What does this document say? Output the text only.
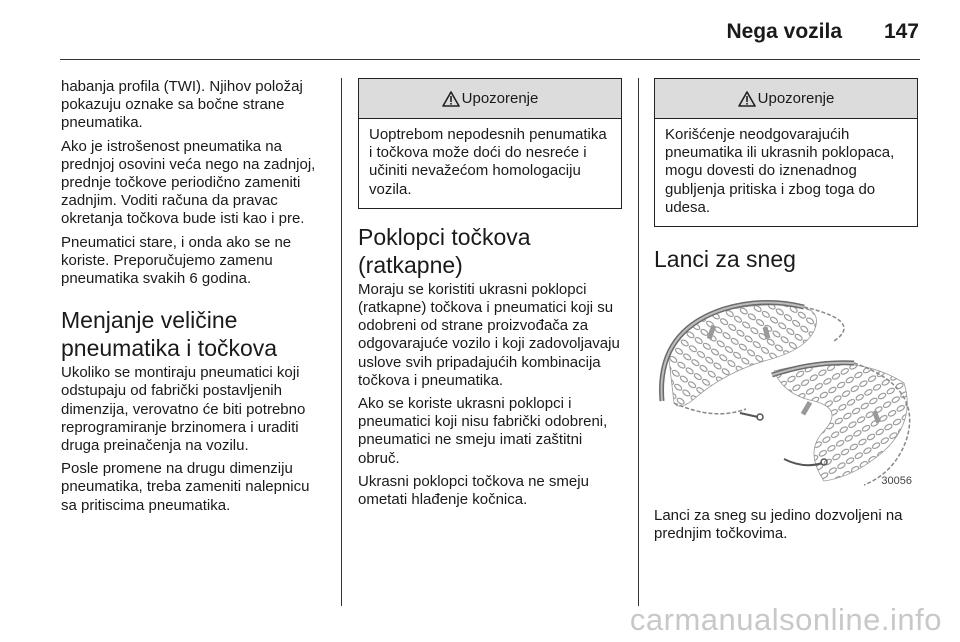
Nega vozila 147

habanja profila (TWI). Njihov položaj pokazuju oznake sa bočne strane pneumatika.

Ako je istrošenost pneumatika na prednjoj osovini veća nego na zadnjoj, prednje točkove periodično zameniti zadnjim. Voditi računa da pravac okretanja točkova bude isti kao i pre.

Pneumatici stare, i onda ako se ne koriste. Preporučujemo zamenu pneumatika svakih 6 godina.

Menjanje veličine pneumatika i točkova

Ukoliko se montiraju pneumatici koji odstupaju od fabrički postavljenih dimenzija, verovatno će biti potrebno reprogramiranje brzinomera i uraditi druga preinačenja na vozilu.

Posle promene na drugu dimenziju pneumatika, treba zameniti nalepnicu sa pritiscima pneumatika.

Upozorenje
Uoptrebom nepodesnih penumatika i točkova može doći do nesreće i učiniti nevažećom homologaciju vozila.
Poklopci točkova (ratkapne)

Moraju se koristiti ukrasni poklopci (ratkapne) točkova i pneumatici koji su odobreni od strane proizvođača za odgovarajuće vozilo i koji zadovoljavaju uslove svih pripadajućih kombinacija točkova i pneumatika.

Ako se koriste ukrasni poklopci i pneumatici koji nisu fabrički odobreni, pneumatici ne smeju imati zaštitni obruč.

Ukrasni poklopci točkova ne smeju ometati hlađenje kočnica.

Upozorenje
Korišćenje neodgovarajućih pneumatika ili ukrasnih poklopaca, mogu dovesti do iznenadnog gubljenja pritiska i zbog toga do udesa.
Lanci za sneg
30056

Lanci za sneg su jedino dozvoljeni na prednjim točkovima.

carmanualsonline.info
